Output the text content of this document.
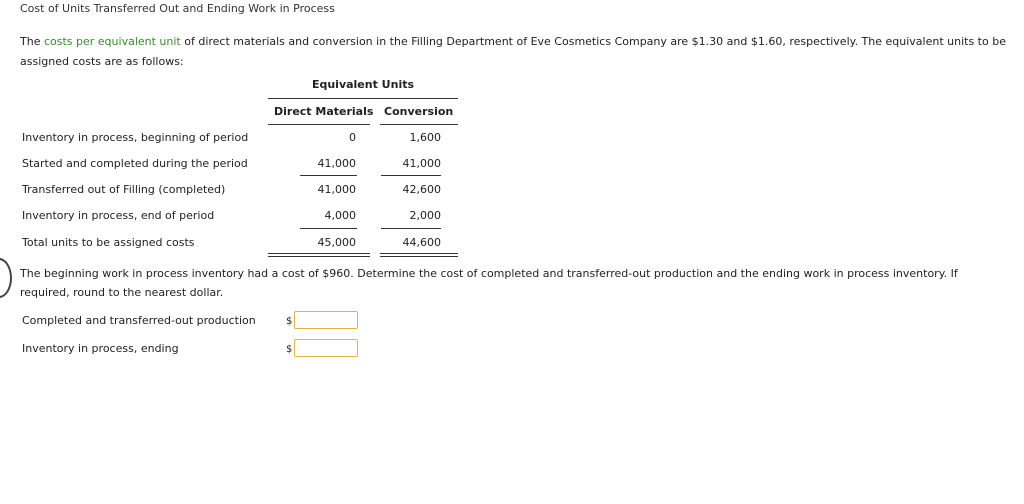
Cost of Units Transferred Out and Ending Work in Process
The costs per equivalent unit of direct materials and conversion in the Filling Department of Eve Cosmetics Company are $1.30 and $1.60, respectively. The equivalent units to be assigned costs are as follows:
Equivalent Units
Direct Materials Conversion
Inventory in process, beginning of period	0	1,600
Started and completed during the period	41,000	41,000
Transferred out of Filling (completed)	41,000	42,600
Inventory in process, end of period	4,000	2,000
Total units to be assigned costs	45,000	44,600
The beginning work in process inventory had a cost of $960. Determine the cost of completed and transferred-out production and the ending work in process inventory. If required, round to the nearest dollar.
Completed and transferred-out production	$
Inventory in process, ending	$
